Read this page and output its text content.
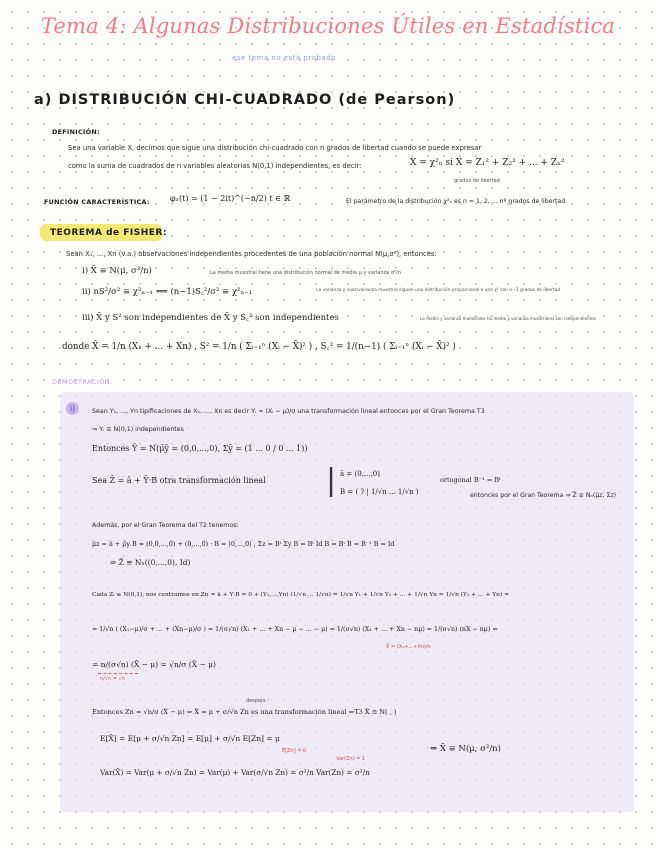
Tema 4: Algunas Distribuciones Útiles en Estadística
ese tema no está probado
a) DISTRIBUCIÓN CHI-CUADRADO (de Pearson)
DEFINICIÓN:
Sea una variable X, decimos que sigue una distribución chi-cuadrado con n grados de libertad cuando se puede expresar
como la suma de cuadrados de n variables aleatorias N(0,1) independientes, es decir:	X = χ²ₙ si X = Z₁² + Z₂² + ... + Zₙ²
grados de libertad
FUNCIÓN CARACTERÍSTICA:	φₓ(t) = (1 − 2it)^(−n/2) t ∈ ℝ	El parámetro de la distribución χ²ₙ es n = 1, 2, ... nº grados de libertad
TEOREMA de FISHER:
Sean X₁, ..., Xn (v.a.) observaciones independientes procedentes de una población normal N(μ,σ²), entonces:
i) X̄ ≡ N(μ, σ²/n)	La media muestral tiene una distribución normal de media μ y varianza σ²/n
ii) nS²/σ² ≡ χ²ₙ₋₁ ⟺ (n−1)S꜀²/σ² ≡ χ²ₙ₋₁	La varianza y cuasivarianza muestral siguen una distribución proporcional a una χ² con n−1 grados de libertad
iii) X̄ y S² son independientes de X̄ y S꜀² son independientes	La media y varianza muestrales (la media y varianza muestrales) son independientes
donde X̄ = 1/n (X₁ + ... + Xn) , S² = 1/n ( Σᵢ₌₁ⁿ (Xᵢ − X̄)² ) , S꜀² = 1/(n−1) ( Σᵢ₌₁ⁿ (Xᵢ − X̄)² )
DEMOSTRACIÓN:
i)	Sean Y₁, ..., Yn tipificaciones de X₁, ..., Xn es decir Yᵢ = (Xᵢ − μ)/σ una transformación lineal entonces por el Gran Teorema T3
⇒ Yᵢ ≡ N(0,1) independientes
Entonces Ȳ = N(μ̄ȳ = (0,0,...,0), Σȳ = (1 ... 0 / 0 ... 1))
Sea Z̄ = ā + Ȳ·B otra transformación lineal | ā = (0,...,0)
B = ( ? | 1/√n ... 1/√n )
ortogonal B⁻¹ = Bᵗ
entonces por el Gran Teorema ⇒ Z̄ ≡ Nₙ(μ̄z, Σz)
Además, por el Gran Teorema del T2 tenemos:
μ̄z = ā + μ̄y B = (0,0,...,0) + (0,...,0) · B = (0,...,0) , Σz = Bᵗ Σy B = Bᵗ Id B = Bᵗ B = B⁻¹ B = Id
⇒ Z̄ ≡ Nₙ((0,...,0), Id)
Cada Zᵢ ≡ N(0,1), nos centramos en Zn = ā + Ȳ·B = 0 + (Y₁,...,Yn) (1/√n ... 1/√n) = 1/√n Y₁ + 1/√n Y₂ + ... + 1/√n Yn = 1/√n (Y₁ + ... + Yn) =
= 1/√n ( (X₁−μ)/σ + ... + (Xn−μ)/σ ) = 1/(σ√n) (X₁ + ... + Xn − μ − ... − μ) = 1/(σ√n) (X₁ + ... + Xn − nμ) = 1/(σ√n) (nX̄ − nμ) =
X̄ = (X₁+...+Xn)/n
= n/(σ√n) (X̄ − μ) = √n/σ (X̄ − μ)
n/√n = √n
Entonces Zn = √n/σ (X̄ − μ) ⇒ X̄ = μ + σ/√n Zn es una transformación lineal ⇒T3 X̄ ≡ N( , )
despejo
E[X̄] = E[μ + σ/√n Zn] = E[μ] + σ/√n E[Zn] = μ
E[Zn] = 0	⇒ X̄ ≡ N(μ, σ²/n)
Var(X̄) = Var(μ + σ/√n Zn) = Var(μ) + Var(σ/√n Zn) = σ²/n Var(Zn) = σ²/n
Var(Zn) = 1
